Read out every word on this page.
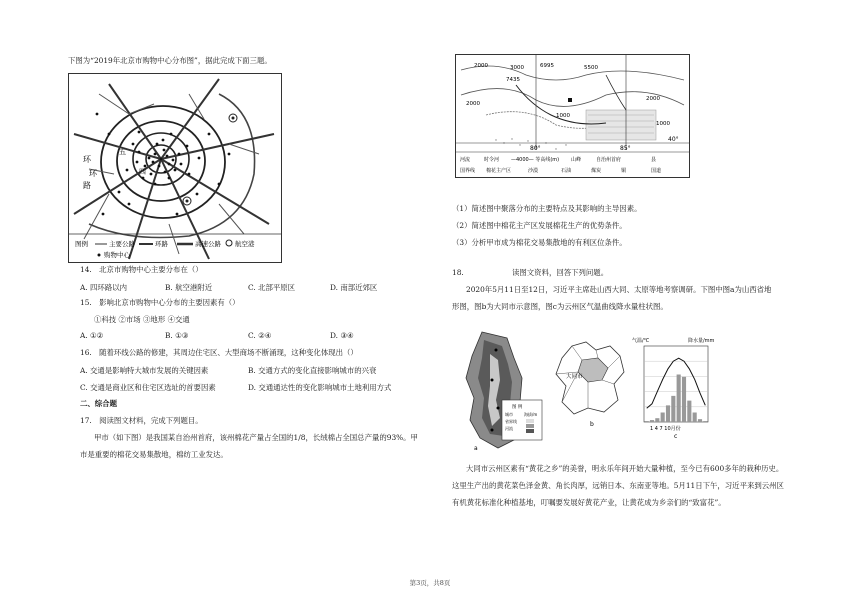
下图为“2019年北京市购物中心分布图”，据此完成下面三题。
环
路
环
五
四
图例	主要公路	环路	高速公路 航空港
购物中心
14.　北京市购物中心主要分布在（）
A. 四环路以内	B. 航空港附近	C. 北部平原区	D. 南部近郊区
15.　影响北京市购物中心分布的主要因素有（）
①科技 ②市场 ③地形 ④交通
A. ①②	B. ①③	C. ②④	D. ③④
16.　随着环线公路的修建，其周边住宅区、大型商场不断涌现，这种变化体现出（）
A. 交通是影响特大城市发展的关键因素	B. 交通方式的变化直接影响城市的兴衰
C. 交通是商业区和住宅区选址的首要因素	D. 交通通达性的变化影响城市土地利用方式
二、综合题
17.　阅读图文材料，完成下列题目。
甲市（如下图）是我国某自治州首府，该州棉花产量占全国的1/8，长绒棉占全国总产量的93%。甲
市是重要的棉花交易集散地，棉纺工业发达。
2000	3000
7435
6995	5500
2000
1000
2000
1000
40°
80°	85°
河流	时令河 —4000— 等高线(m) 山峰	自治州首府	县
国界线 棉花主产区	沙漠	石油	煤炭	铜	国道
（1）简述图中聚落分布的主要特点及其影响的主导因素。
（2）简述图中棉花主产区发展棉花生产的优势条件。
（3）分析甲市成为棉花交易集散地的有利区位条件。
18.	读图文资料，回答下列问题。
2020年5月11日至12日，习近平主席赴山西大同、太原等地考察调研。下图中图a为山西省地
形图，图b为大同市示意图，图c为云州区气温曲线降水量柱状图。
图 例
城市
省界线
河流
海拔/m
a
大同市
b
气温/℃	降水量/mm
1 4 7 10月份
c
大同市云州区素有“黄花之乡”的美誉，明永乐年间开始大量种植，至今已有600多年的栽种历史。
这里生产出的黄花菜色泽金黄、角长肉厚，远销日本、东南亚等地。5月11日下午，习近平来到云州区
有机黄花标准化种植基地，叮嘱要发展好黄花产业，让黄花成为乡亲们的“致富花”。
第3页，共8页
